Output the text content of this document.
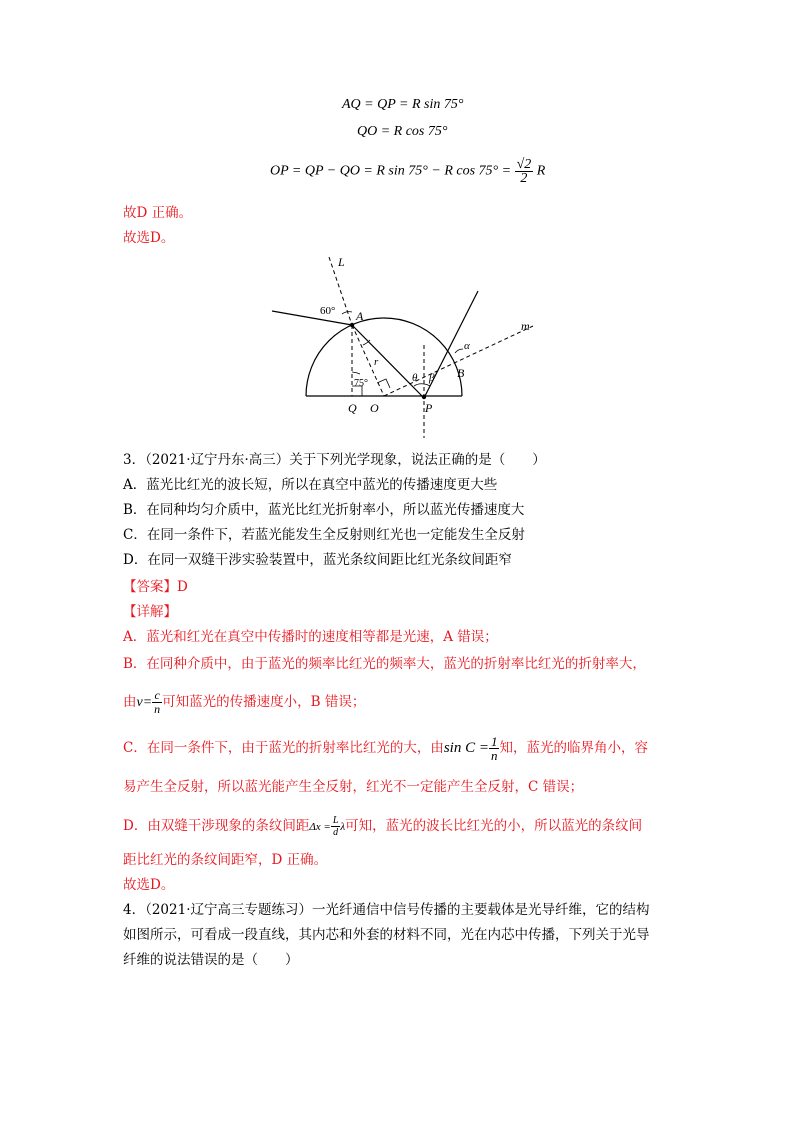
AQ = QP = R sin 75°
QO = R cos 75°
OP = QP − QO = R sin 75° − R $\cos 75^\circ = \frac{√2}{2}$ R
故D 正确。
故选D。
L
m
60° A
r
α
B
θ β
75°
Q O	P
3．（2021·辽宁丹东·高三）关于下列光学现象，说法正确的是（　　）
A．蓝光比红光的波长短，所以在真空中蓝光的传播速度更大些
B．在同种均匀介质中，蓝光比红光折射率小，所以蓝光传播速度大
C．在同一条件下，若蓝光能发生全反射则红光也一定能发生全反射
D．在同一双缝干涉实验装置中，蓝光条纹间距比红光条纹间距窄
【答案】D
【详解】
A．蓝光和红光在真空中传播时的速度相等都是光速，A 错误；
B．在同种介质中，由于蓝光的频率比红光的频率大，蓝光的折射率比红光的折射率大，
由$v= \frac{c}{n}$ 可知蓝光的传播速度小，B 错误；
C．在同一条件下，由于蓝光的折射率比红光的大，由$\sin C = \frac{1}{n}$ 知，蓝光的临界角小，容
易产生全反射，所以蓝光能产生全反射，红光不一定能产生全反射，C 错误；
D．由双缝干涉现象的条纹间距$\Delta x = \frac{L}{d}$ λ可知，蓝光的波长比红光的小，所以蓝光的条纹间
距比红光的条纹间距窄，D 正确。
故选D。
4．（2021·辽宁高三专题练习）一光纤通信中信号传播的主要载体是光导纤维，它的结构
如图所示，可看成一段直线，其内芯和外套的材料不同，光在内芯中传播，下列关于光导
纤维的说法错误的是（　　）
